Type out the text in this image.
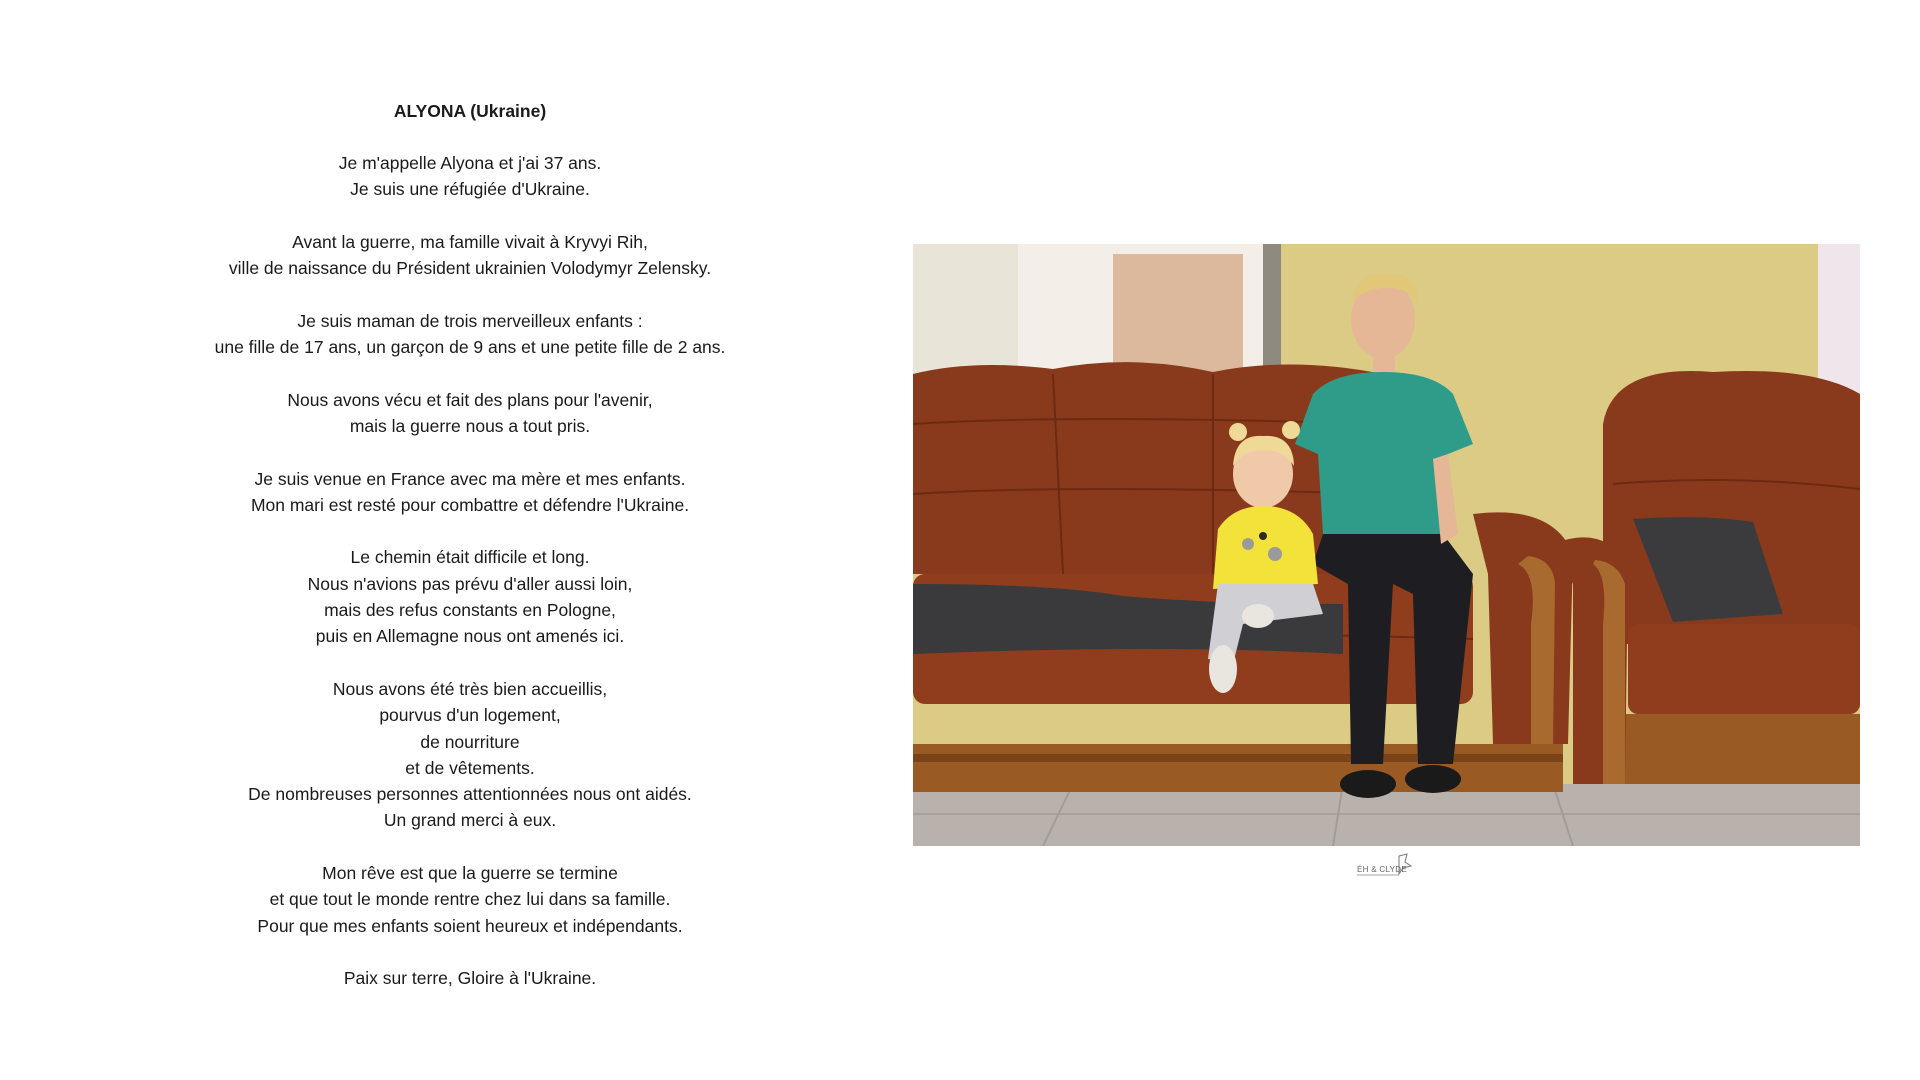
ALYONA (Ukraine)
Je m'appelle Alyona et j'ai 37 ans.
Je suis une réfugiée d'Ukraine.
Avant la guerre, ma famille vivait à Kryvyi Rih,
ville de naissance du Président ukrainien Volodymyr Zelensky.
Je suis maman de trois merveilleux enfants :
une fille de 17 ans, un garçon de 9 ans et une petite fille de 2 ans.
Nous avons vécu et fait des plans pour l'avenir,
mais la guerre nous a tout pris.
Je suis venue en France avec ma mère et mes enfants.
Mon mari est resté pour combattre et défendre l'Ukraine.
Le chemin était difficile et long.
Nous n'avions pas prévu d'aller aussi loin,
mais des refus constants en Pologne,
puis en Allemagne nous ont amenés ici.
Nous avons été très bien accueillis,
pourvus d'un logement,
de nourriture
et de vêtements.
De nombreuses personnes attentionnées nous ont aidés.
Un grand merci à eux.
Mon rêve est que la guerre se termine
et que tout le monde rentre chez lui dans sa famille.
Pour que mes enfants soient heureux et indépendants.
Paix sur terre, Gloire à l'Ukraine.
ÉH & CLYDE
